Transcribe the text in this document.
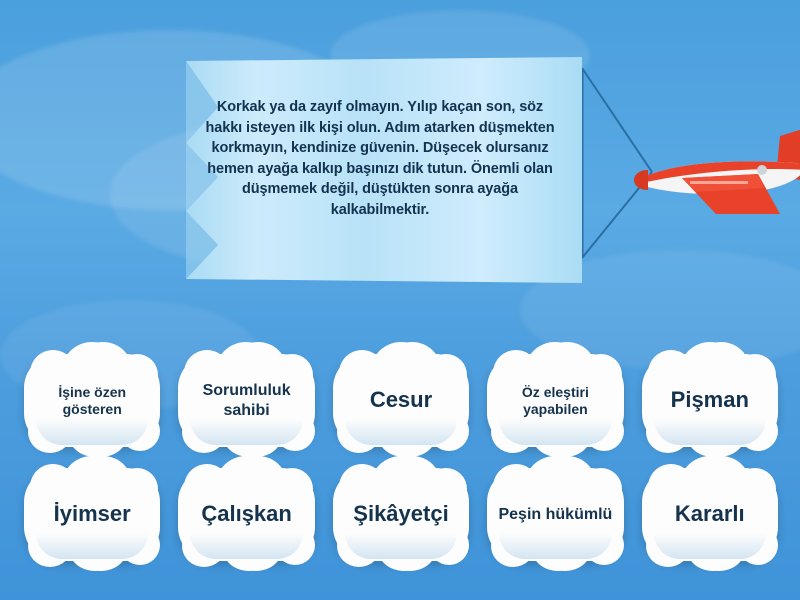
Korkak ya da zayıf olmayın. Yılıp kaçan son, söz hakkı isteyen ilk kişi olun. Adım atarken düşmekten korkmayın, kendinize güvenin. Düşecek olursanız hemen ayağa kalkıp başınızı dik tutun. Önemli olan düşmemek değil, düştükten sonra ayağa kalkabilmektir.
İşine özen gösteren
Sorumluluk sahibi	Cesur	Öz eleştiri yapabilen	Pişman
İyimser	Çalışkan	Şikâyetçi	Peşin hükümlü	Kararlı
